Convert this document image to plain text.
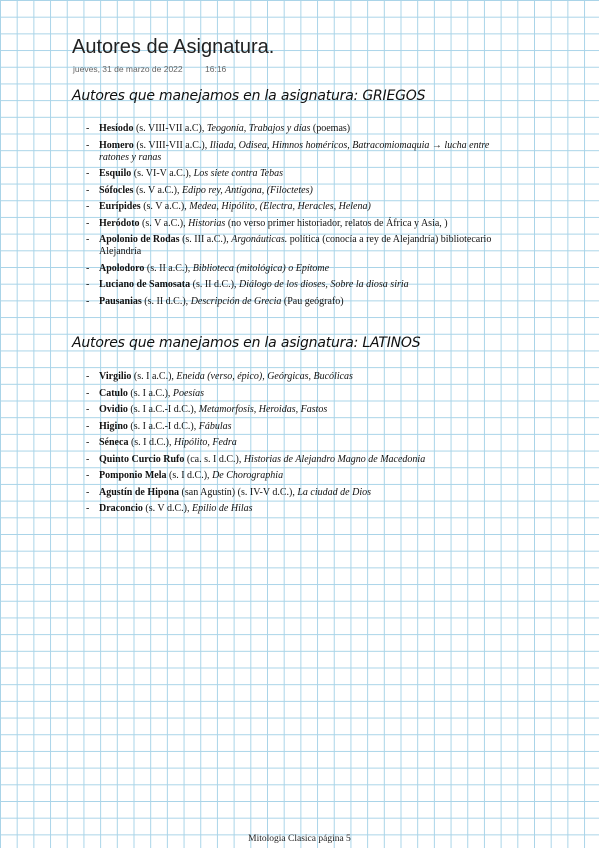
Autores de Asignatura.
jueves, 31 de marzo de 2022	16:16
Autores que manejamos en la asignatura: GRIEGOS
- Hesíodo (s. VIII-VII a.C), Teogonía, Trabajos y días (poemas)
- Homero (s. VIII-VII a.C.), Iliada, Odisea, Himnos homéricos, Batracomiomaquia → lucha entre ratones y ranas
- Esquilo (s. VI-V a.C.), Los siete contra Tebas
- Sófocles (s. V a.C.), Edipo rey, Antígona, (Filoctetes)
- Eurípides (s. V a.C.), Medea, Hipólito, (Electra, Heracles, Helena)
- Heródoto (s. V a.C.), Historias (no verso primer historiador, relatos de África y Asia, )
- Apolonio de Rodas (s. III a.C.), Argonáuticas. política (conocía a rey de Alejandría) bibliotecario Alejandría
- Apolodoro (s. II a.C.), Biblioteca (mitológica) o Epítome
- Luciano de Samosata (s. II d.C.), Diálogo de los dioses, Sobre la diosa siria
- Pausanias (s. II d.C.), Descripción de Grecia (Pau geógrafo)
Autores que manejamos en la asignatura: LATINOS
- Virgilio (s. I a.C.), Eneida (verso, épico), Geórgicas, Bucólicas
- Catulo (s. I a.C.), Poesías
- Ovidio (s. I a.C.-I d.C.), Metamorfosis, Heroidas, Fastos
- Higino (s. I a.C.-I d.C.), Fábulas
- Séneca (s. I d.C.), Hipólito, Fedra
- Quinto Curcio Rufo (ca. s. I d.C.), Historias de Alejandro Magno de Macedonia
- Pomponio Mela (s. I d.C.), De Chorographia
- Agustín de Hipona (san Agustín) (s. IV-V d.C.), La ciudad de Dios
- Draconcio (s. V d.C.), Epilio de Hilas
Mitologia Clasica página 5
